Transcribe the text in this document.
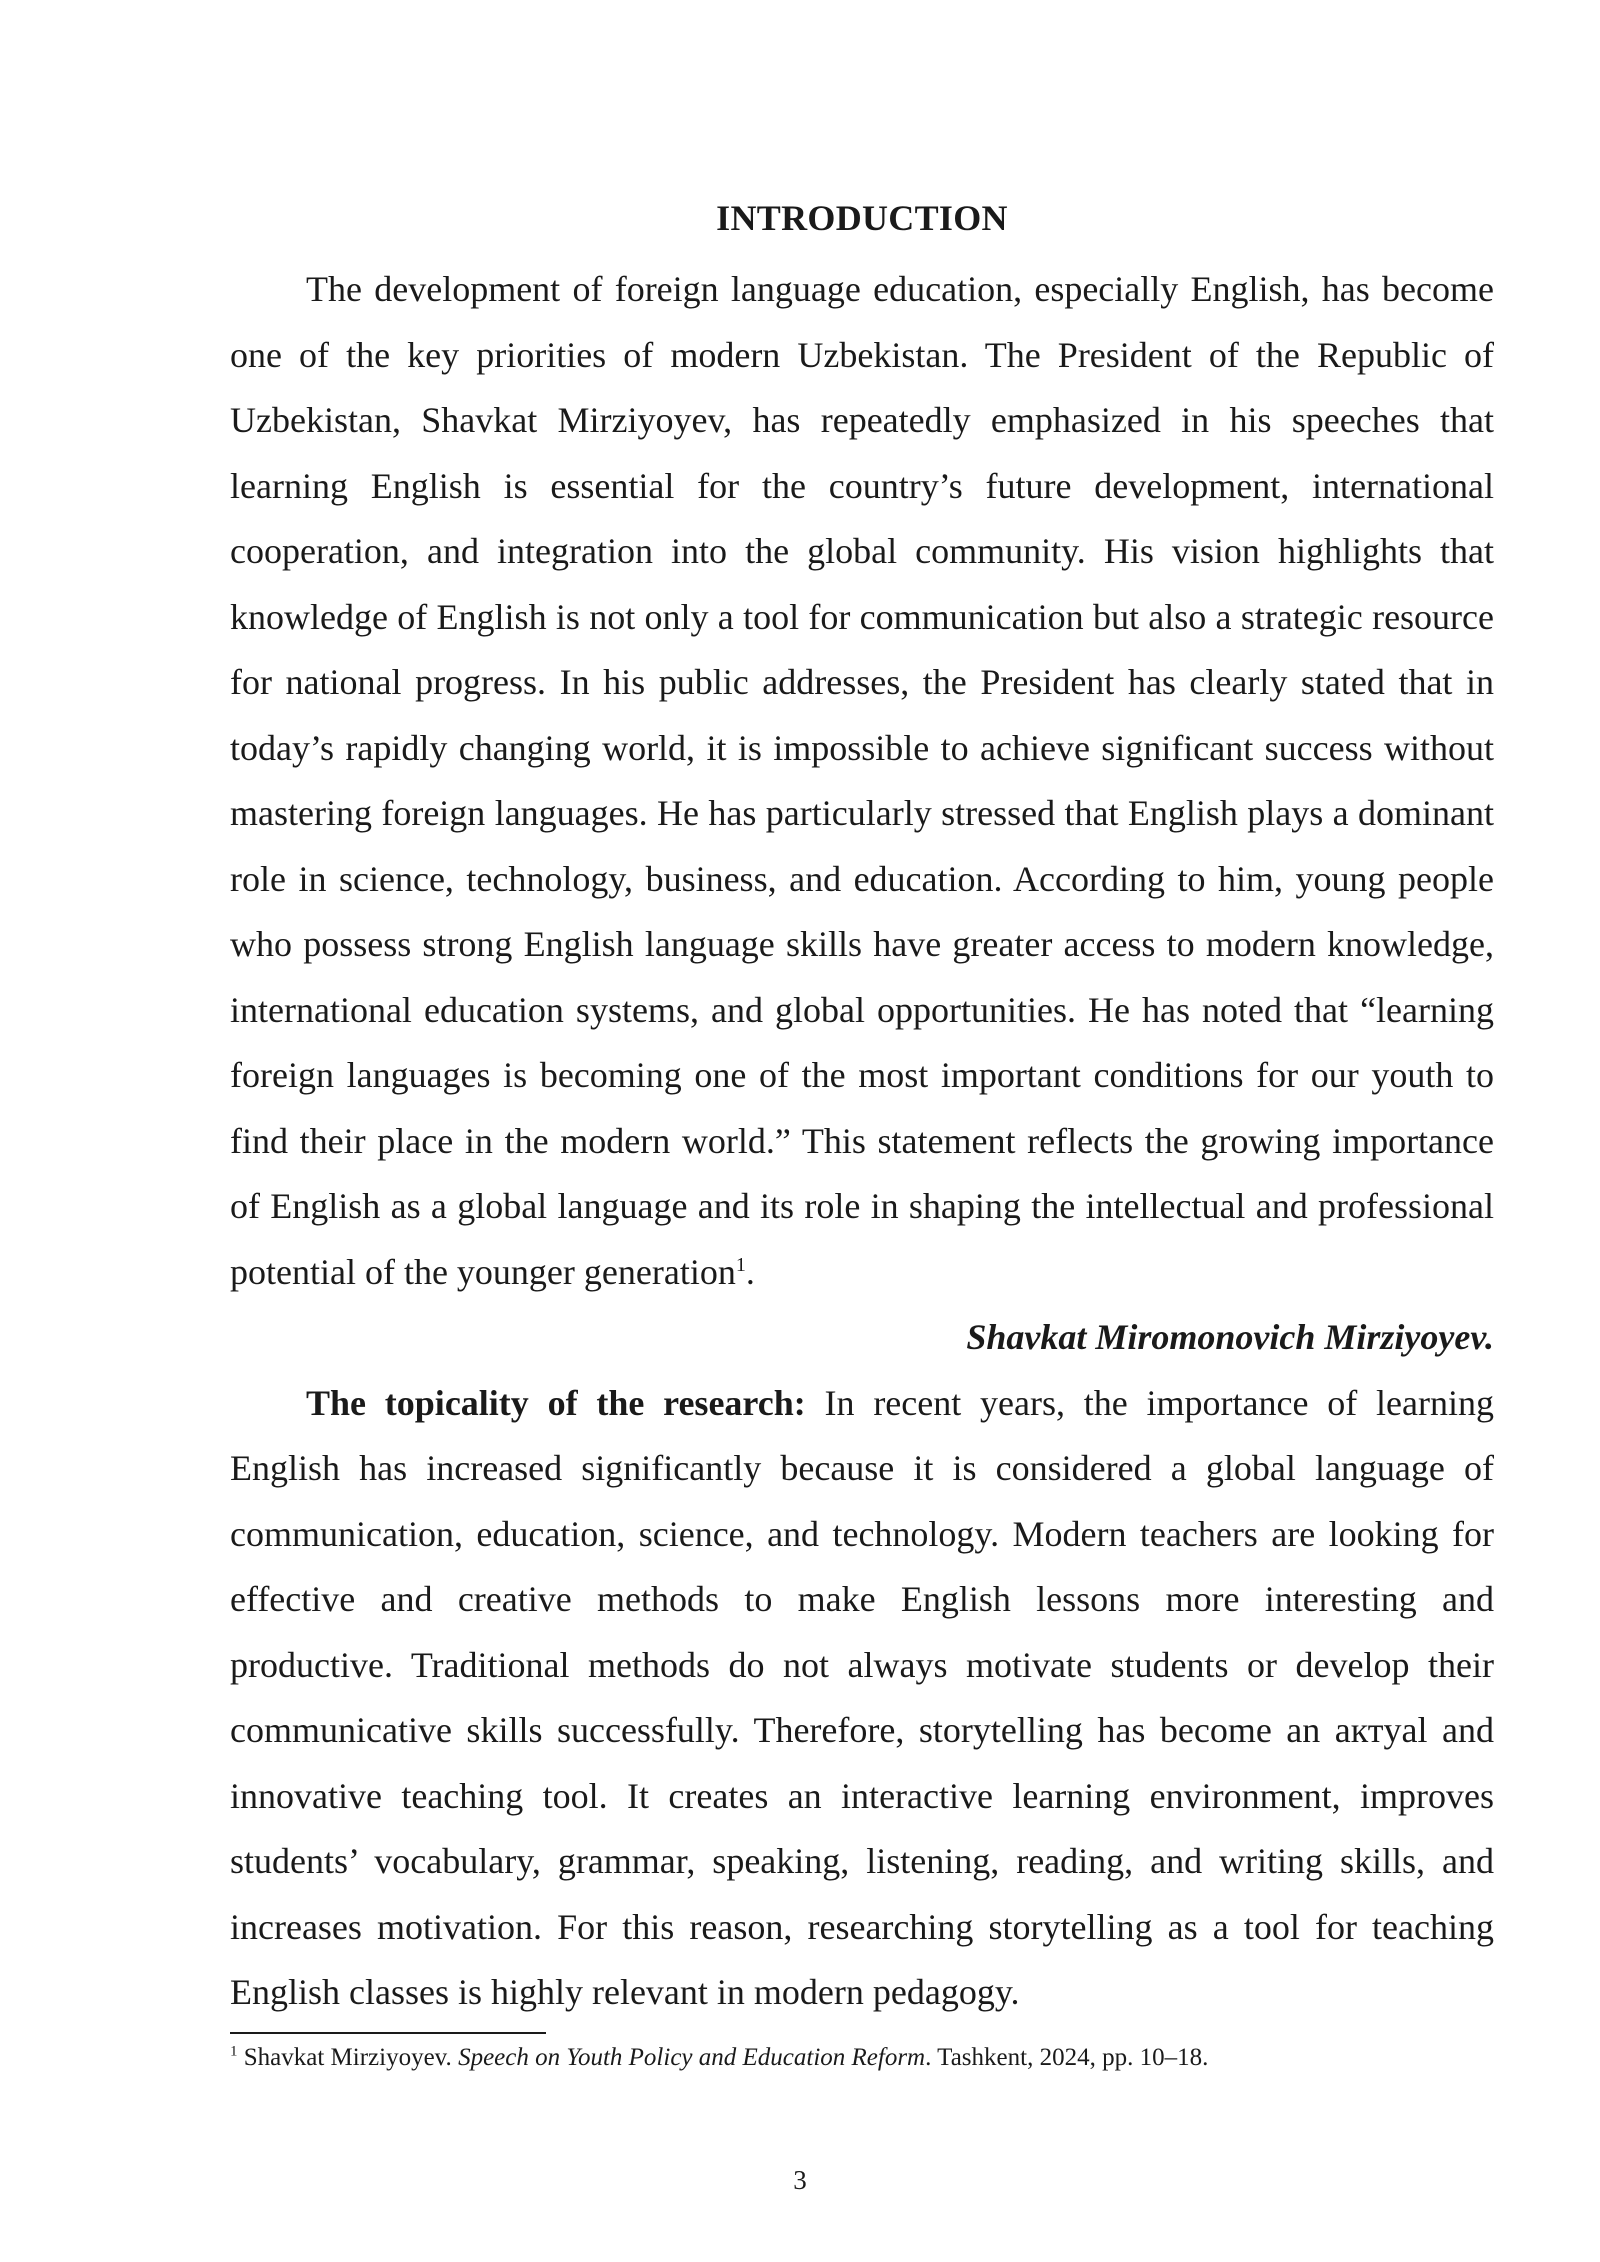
INTRODUCTION

The development of foreign language education, especially English, has become one of the key priorities of modern Uzbekistan. The President of the Republic of Uzbekistan, Shavkat Mirziyoyev, has repeatedly emphasized in his speeches that learning English is essential for the country’s future development, international cooperation, and integration into the global community. His vision highlights that knowledge of English is not only a tool for communication but also a strategic resource for national progress. In his public addresses, the President has clearly stated that in today’s rapidly changing world, it is impossible to achieve significant success without mastering foreign languages. He has particularly stressed that English plays a dominant role in science, technology, business, and education. According to him, young people who possess strong English language skills have greater access to modern knowledge, international education systems, and global opportunities. He has noted that “learning foreign languages is becoming one of the most important conditions for our youth to find their place in the modern world.” This statement reflects the growing importance of English as a global language and its role in shaping the intellectual and professional potential of the younger generation$^1$.

Shavkat Miromonovich Mirziyoyev.

The topicality of the research: In recent years, the importance of learning English has increased significantly because it is considered a global language of communication, education, science, and technology. Modern teachers are looking for effective and creative methods to make English lessons more interesting and productive. Traditional methods do not always motivate students or develop their communicative skills successfully. Therefore, storytelling has become an актyal and innovative teaching tool. It creates an interactive learning environment, improves students’ vocabulary, grammar, speaking, listening, reading, and writing skills, and increases motivation. For this reason, researching storytelling as a tool for teaching English classes is highly relevant in modern pedagogy.

$^1$ Shavkat Mirziyoyev. Speech on Youth Policy and Education Reform. Tashkent, 2024, pp. 10–18.

3
